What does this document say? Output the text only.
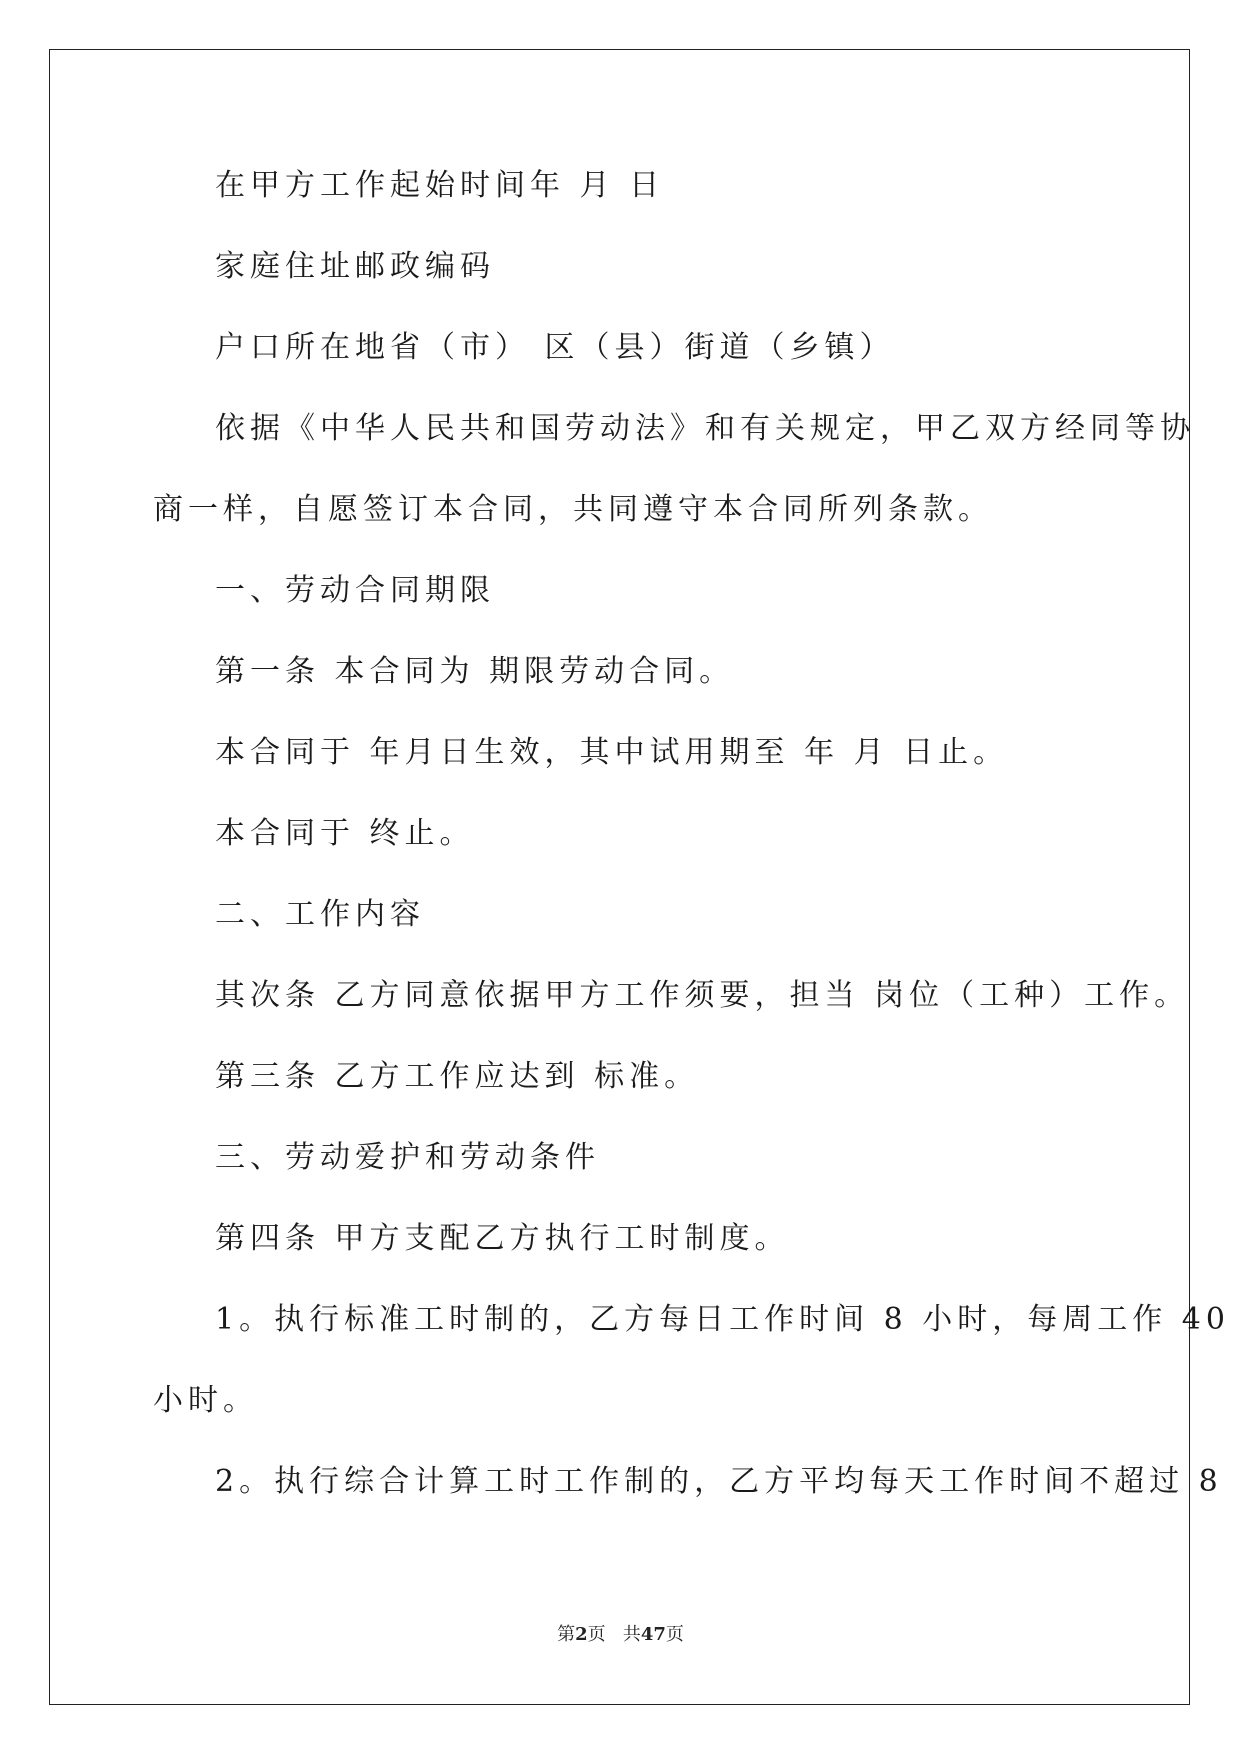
在甲方工作起始时间年 月 日
家庭住址邮政编码
户口所在地省（市） 区（县）街道（乡镇）
依据《中华人民共和国劳动法》和有关规定，甲乙双方经同等协
商一样，自愿签订本合同，共同遵守本合同所列条款。
一、劳动合同期限
第一条 本合同为 期限劳动合同。
本合同于 年月日生效，其中试用期至 年 月 日止。
本合同于 终止。
二、工作内容
其次条 乙方同意依据甲方工作须要，担当 岗位（工种）工作。
第三条 乙方工作应达到 标准。
三、劳动爱护和劳动条件
第四条 甲方支配乙方执行工时制度。
1。执行标准工时制的，乙方每日工作时间 8 小时，每周工作 40
小时。
2。执行综合计算工时工作制的，乙方平均每天工作时间不超过 8
第2页 共47页
